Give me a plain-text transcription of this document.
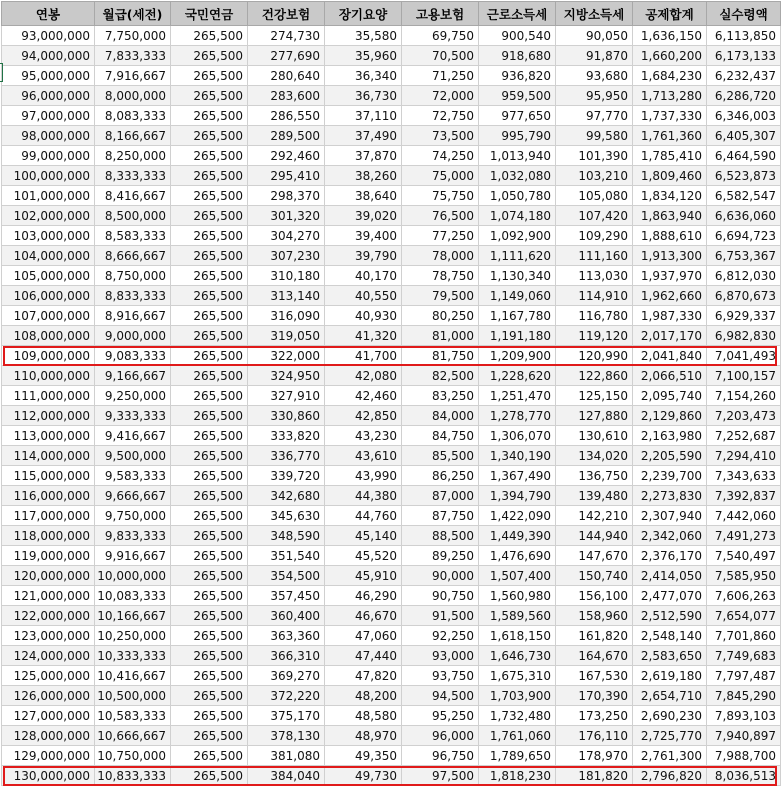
연봉	월급(세전)	국민연금	건강보험	장기요양	고용보험	근로소득세	지방소득세	공제합계	실수령액
93,000,000	7,750,000	265,500	274,730	35,580	69,750	900,540	90,050	1,636,150	6,113,850
94,000,000	7,833,333	265,500	277,690	35,960	70,500	918,680	91,870	1,660,200	6,173,133
95,000,000	7,916,667	265,500	280,640	36,340	71,250	936,820	93,680	1,684,230	6,232,437
96,000,000	8,000,000	265,500	283,600	36,730	72,000	959,500	95,950	1,713,280	6,286,720
97,000,000	8,083,333	265,500	286,550	37,110	72,750	977,650	97,770	1,737,330	6,346,003
98,000,000	8,166,667	265,500	289,500	37,490	73,500	995,790	99,580	1,761,360	6,405,307
99,000,000	8,250,000	265,500	292,460	37,870	74,250	1,013,940	101,390	1,785,410	6,464,590
100,000,000	8,333,333	265,500	295,410	38,260	75,000	1,032,080	103,210	1,809,460	6,523,873
101,000,000	8,416,667	265,500	298,370	38,640	75,750	1,050,780	105,080	1,834,120	6,582,547
102,000,000	8,500,000	265,500	301,320	39,020	76,500	1,074,180	107,420	1,863,940	6,636,060
103,000,000	8,583,333	265,500	304,270	39,400	77,250	1,092,900	109,290	1,888,610	6,694,723
104,000,000	8,666,667	265,500	307,230	39,790	78,000	1,111,620	111,160	1,913,300	6,753,367
105,000,000	8,750,000	265,500	310,180	40,170	78,750	1,130,340	113,030	1,937,970	6,812,030
106,000,000	8,833,333	265,500	313,140	40,550	79,500	1,149,060	114,910	1,962,660	6,870,673
107,000,000	8,916,667	265,500	316,090	40,930	80,250	1,167,780	116,780	1,987,330	6,929,337
108,000,000	9,000,000	265,500	319,050	41,320	81,000	1,191,180	119,120	2,017,170	6,982,830
109,000,000	9,083,333	265,500	322,000	41,700	81,750	1,209,900	120,990	2,041,840	7,041,493
110,000,000	9,166,667	265,500	324,950	42,080	82,500	1,228,620	122,860	2,066,510	7,100,157
111,000,000	9,250,000	265,500	327,910	42,460	83,250	1,251,470	125,150	2,095,740	7,154,260
112,000,000	9,333,333	265,500	330,860	42,850	84,000	1,278,770	127,880	2,129,860	7,203,473
113,000,000	9,416,667	265,500	333,820	43,230	84,750	1,306,070	130,610	2,163,980	7,252,687
114,000,000	9,500,000	265,500	336,770	43,610	85,500	1,340,190	134,020	2,205,590	7,294,410
115,000,000	9,583,333	265,500	339,720	43,990	86,250	1,367,490	136,750	2,239,700	7,343,633
116,000,000	9,666,667	265,500	342,680	44,380	87,000	1,394,790	139,480	2,273,830	7,392,837
117,000,000	9,750,000	265,500	345,630	44,760	87,750	1,422,090	142,210	2,307,940	7,442,060
118,000,000	9,833,333	265,500	348,590	45,140	88,500	1,449,390	144,940	2,342,060	7,491,273
119,000,000	9,916,667	265,500	351,540	45,520	89,250	1,476,690	147,670	2,376,170	7,540,497
120,000,000	10,000,000	265,500	354,500	45,910	90,000	1,507,400	150,740	2,414,050	7,585,950
121,000,000	10,083,333	265,500	357,450	46,290	90,750	1,560,980	156,100	2,477,070	7,606,263
122,000,000	10,166,667	265,500	360,400	46,670	91,500	1,589,560	158,960	2,512,590	7,654,077
123,000,000	10,250,000	265,500	363,360	47,060	92,250	1,618,150	161,820	2,548,140	7,701,860
124,000,000	10,333,333	265,500	366,310	47,440	93,000	1,646,730	164,670	2,583,650	7,749,683
125,000,000	10,416,667	265,500	369,270	47,820	93,750	1,675,310	167,530	2,619,180	7,797,487
126,000,000	10,500,000	265,500	372,220	48,200	94,500	1,703,900	170,390	2,654,710	7,845,290
127,000,000	10,583,333	265,500	375,170	48,580	95,250	1,732,480	173,250	2,690,230	7,893,103
128,000,000	10,666,667	265,500	378,130	48,970	96,000	1,761,060	176,110	2,725,770	7,940,897
129,000,000	10,750,000	265,500	381,080	49,350	96,750	1,789,650	178,970	2,761,300	7,988,700
130,000,000	10,833,333	265,500	384,040	49,730	97,500	1,818,230	181,820	2,796,820	8,036,513
